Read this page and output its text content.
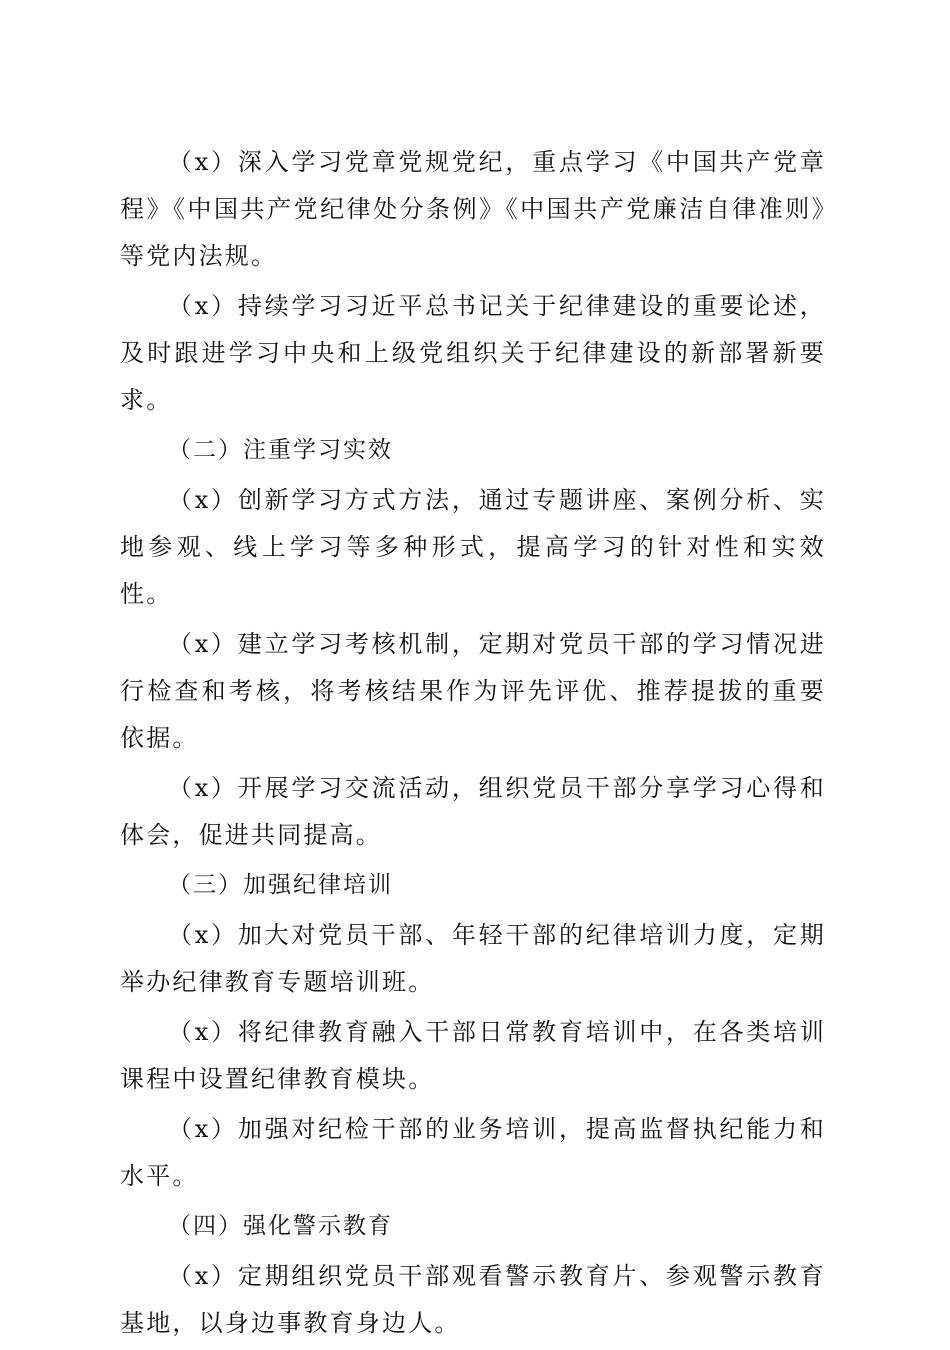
（x）深入学习党章党规党纪，重点学习《中国共产党章程》《中国共产党纪律处分条例》《中国共产党廉洁自律准则》等党内法规。

（x）持续学习习近平总书记关于纪律建设的重要论述，及时跟进学习中央和上级党组织关于纪律建设的新部署新要求。

（二）注重学习实效

（x）创新学习方式方法，通过专题讲座、案例分析、实地参观、线上学习等多种形式，提高学习的针对性和实效性。

（x）建立学习考核机制，定期对党员干部的学习情况进行检查和考核，将考核结果作为评先评优、推荐提拔的重要依据。

（x）开展学习交流活动，组织党员干部分享学习心得和体会，促进共同提高。

（三）加强纪律培训

（x）加大对党员干部、年轻干部的纪律培训力度，定期举办纪律教育专题培训班。

（x）将纪律教育融入干部日常教育培训中，在各类培训课程中设置纪律教育模块。

（x）加强对纪检干部的业务培训，提高监督执纪能力和水平。

（四）强化警示教育

（x）定期组织党员干部观看警示教育片、参观警示教育基地，以身边事教育身边人。
